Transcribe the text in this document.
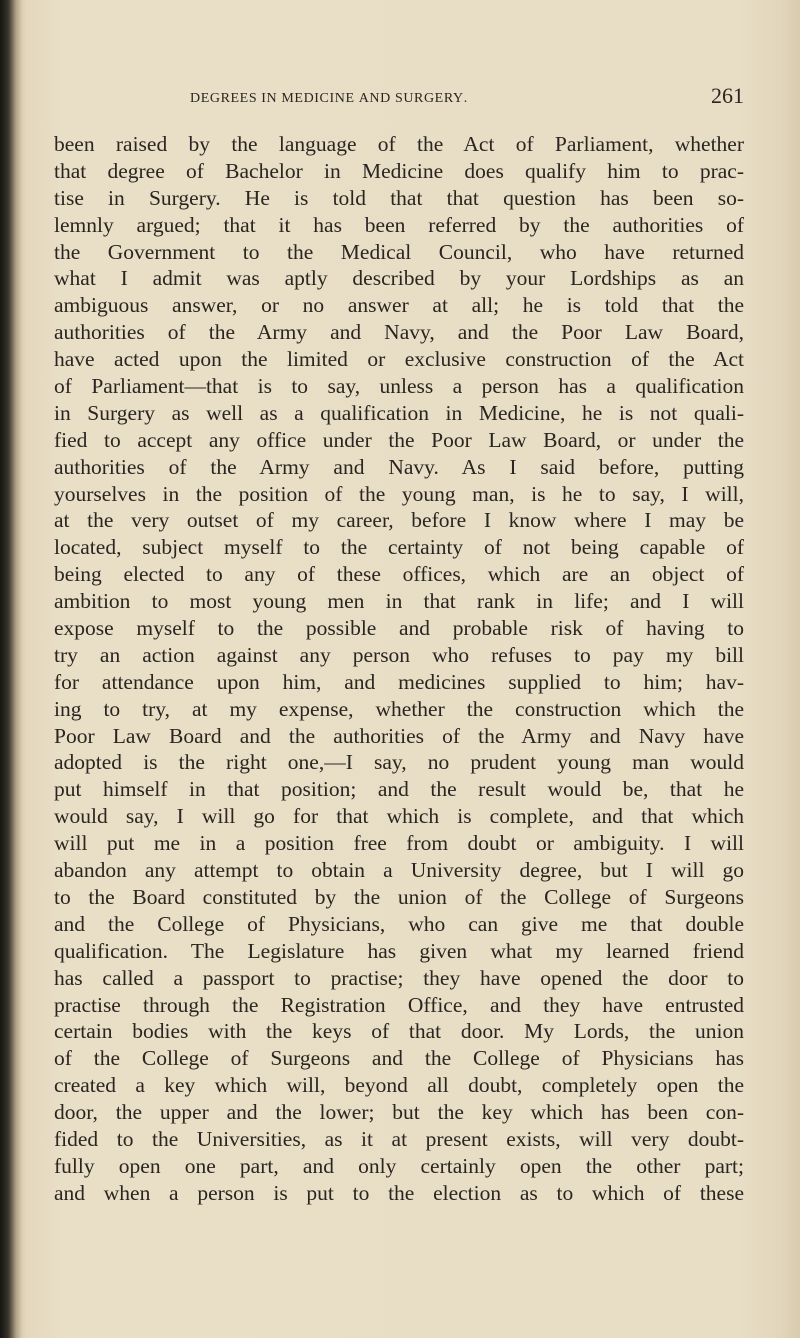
degrees in medicine and surgery.	261
been raised by the language of the Act of Parliament, whether
that degree of Bachelor in Medicine does qualify him to prac-
tise in Surgery. He is told that that question has been so-
lemnly argued; that it has been referred by the authorities of
the Government to the Medical Council, who have returned
what I admit was aptly described by your Lordships as an
ambiguous answer, or no answer at all; he is told that the
authorities of the Army and Navy, and the Poor Law Board,
have acted upon the limited or exclusive construction of the Act
of Parliament—that is to say, unless a person has a qualification
in Surgery as well as a qualification in Medicine, he is not quali-
fied to accept any office under the Poor Law Board, or under the
authorities of the Army and Navy. As I said before, putting
yourselves in the position of the young man, is he to say, I will,
at the very outset of my career, before I know where I may be
located, subject myself to the certainty of not being capable of
being elected to any of these offices, which are an object of
ambition to most young men in that rank in life; and I will
expose myself to the possible and probable risk of having to
try an action against any person who refuses to pay my bill
for attendance upon him, and medicines supplied to him; hav-
ing to try, at my expense, whether the construction which the
Poor Law Board and the authorities of the Army and Navy have
adopted is the right one,—I say, no prudent young man would
put himself in that position; and the result would be, that he
would say, I will go for that which is complete, and that which
will put me in a position free from doubt or ambiguity. I will
abandon any attempt to obtain a University degree, but I will go
to the Board constituted by the union of the College of Surgeons
and the College of Physicians, who can give me that double
qualification. The Legislature has given what my learned friend
has called a passport to practise; they have opened the door to
practise through the Registration Office, and they have entrusted
certain bodies with the keys of that door. My Lords, the union
of the College of Surgeons and the College of Physicians has
created a key which will, beyond all doubt, completely open the
door, the upper and the lower; but the key which has been con-
fided to the Universities, as it at present exists, will very doubt-
fully open one part, and only certainly open the other part;
and when a person is put to the election as to which of these
